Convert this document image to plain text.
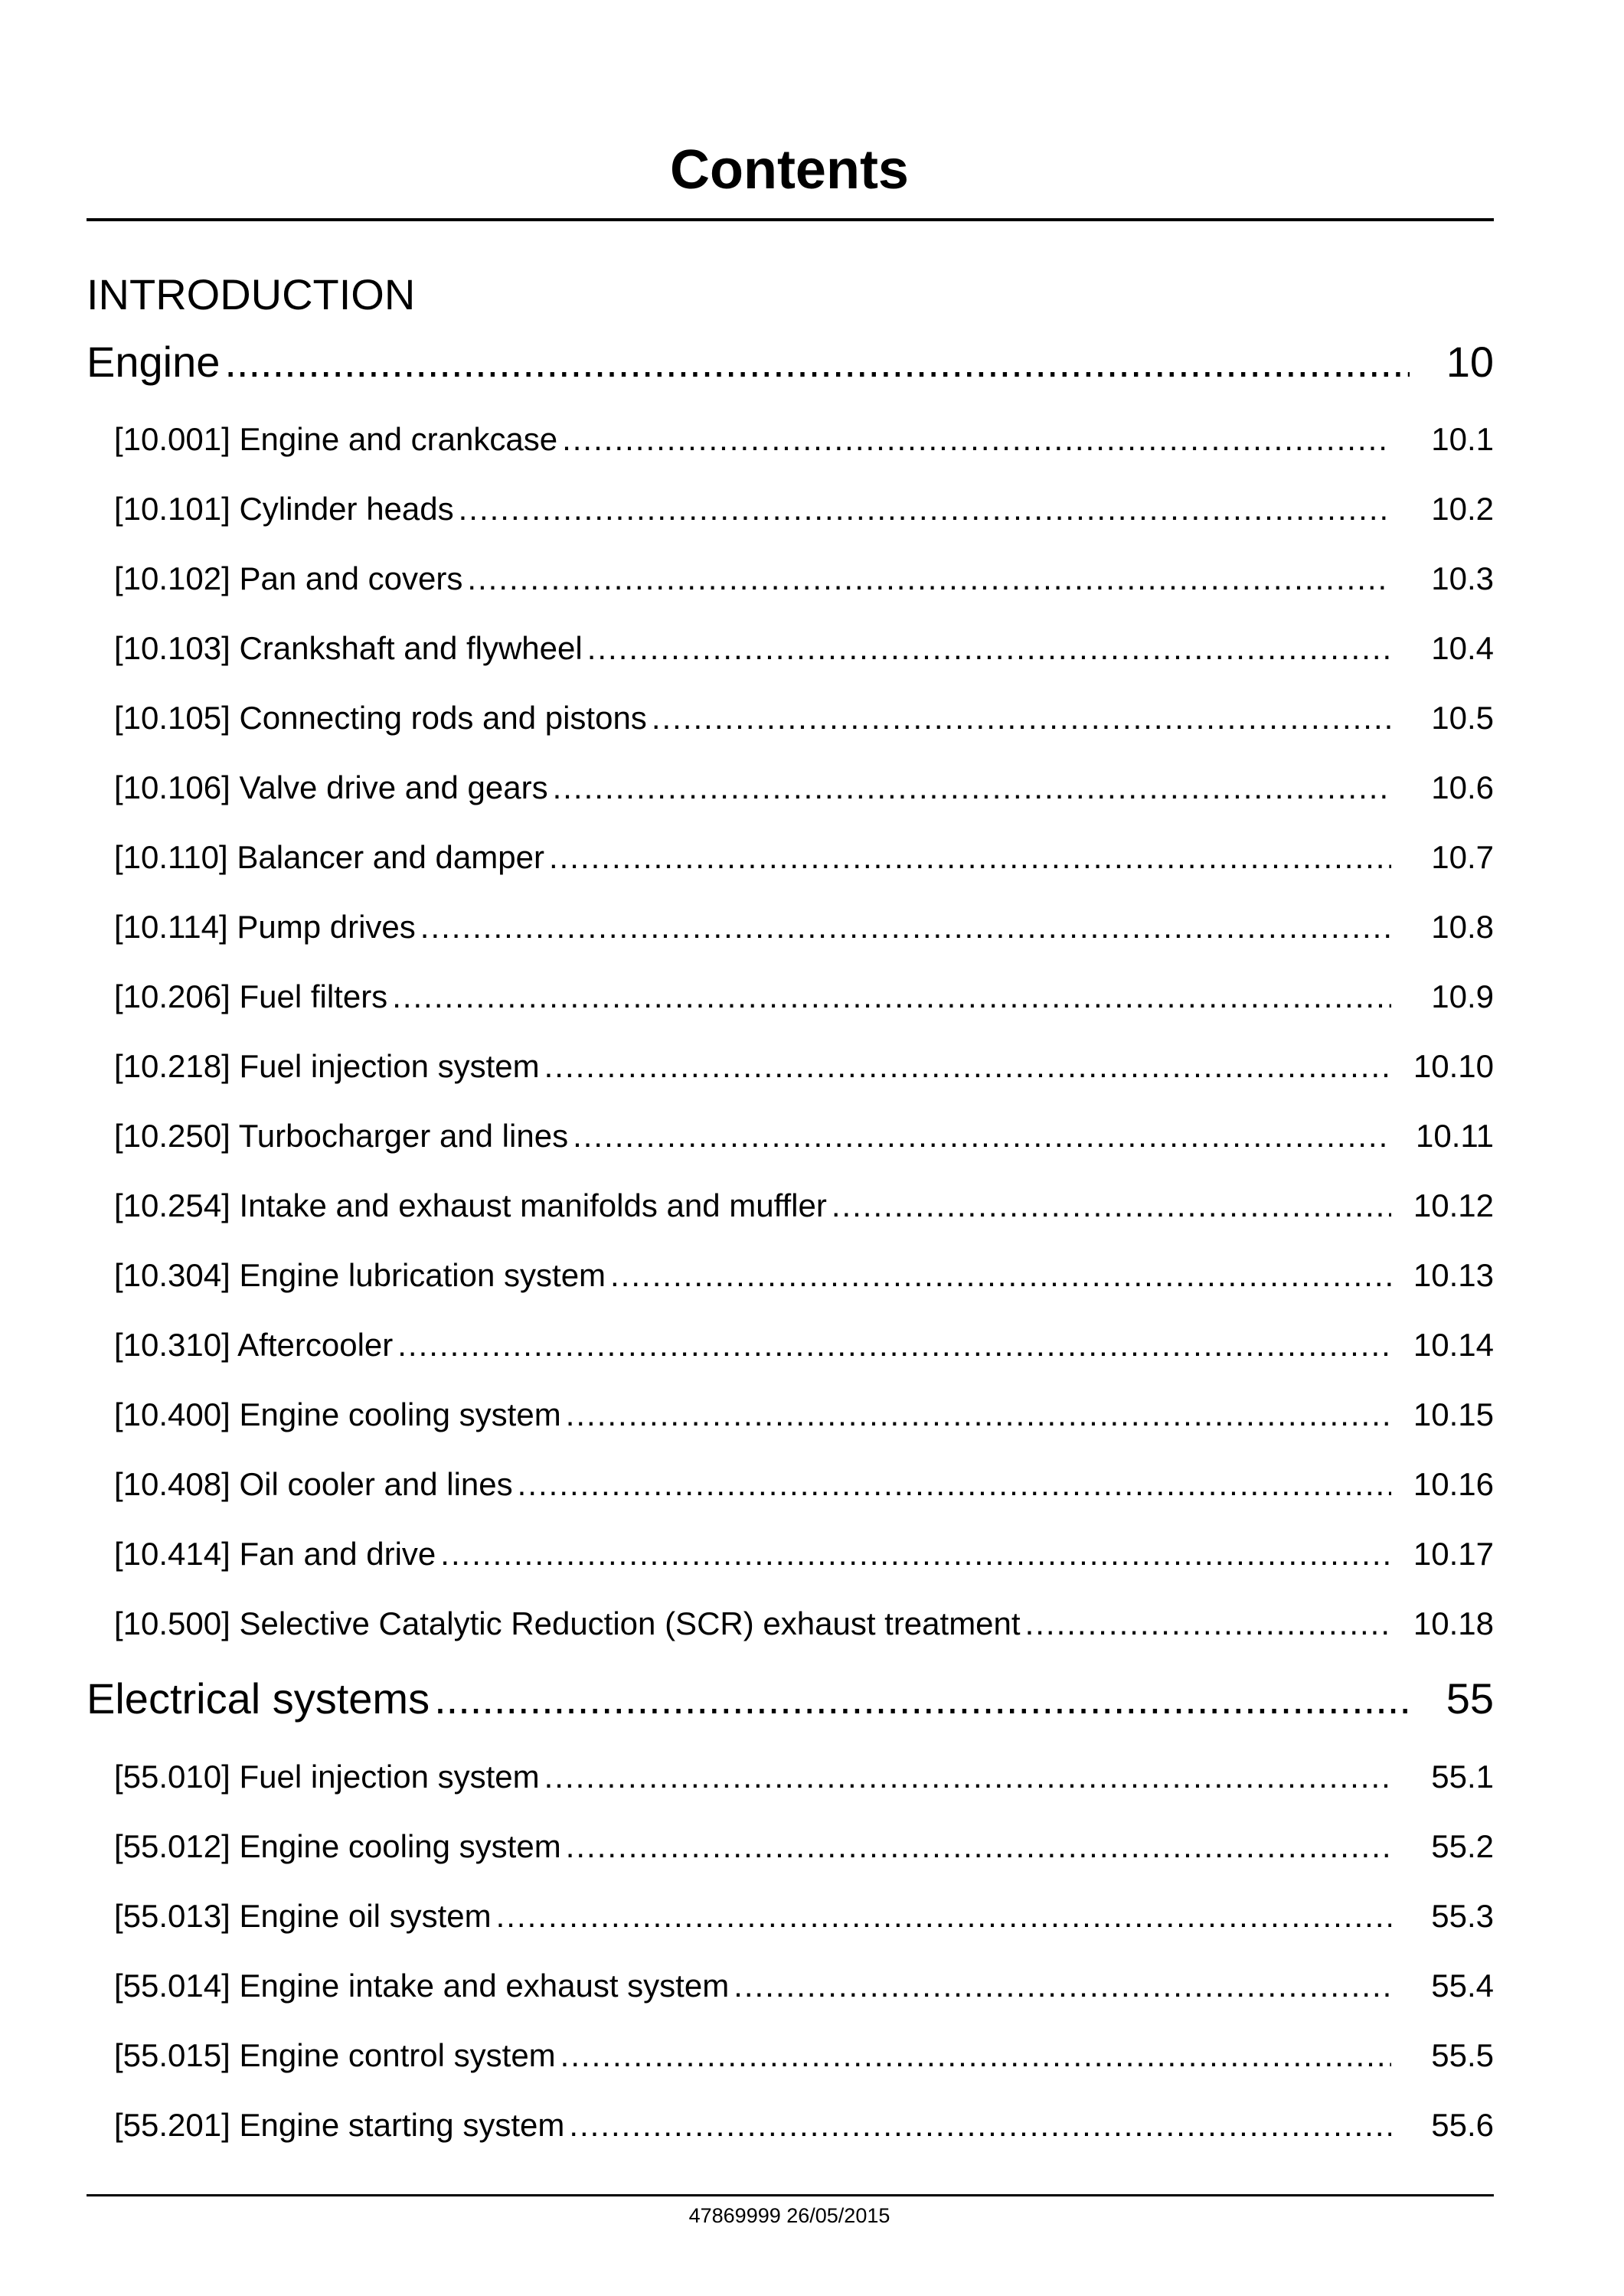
Contents
INTRODUCTION
Engine .....	10
[10.001] Engine and crankcase .....	10.1
[10.101] Cylinder heads .....	10.2
[10.102] Pan and covers .....	10.3
[10.103] Crankshaft and flywheel .....	10.4
[10.105] Connecting rods and pistons .....	10.5
[10.106] Valve drive and gears .....	10.6
[10.110] Balancer and damper .....	10.7
[10.114] Pump drives .....	10.8
[10.206] Fuel filters .....	10.9
[10.218] Fuel injection system .....	10.10
[10.250] Turbocharger and lines .....	10.11
[10.254] Intake and exhaust manifolds and muffler .....	10.12
[10.304] Engine lubrication system .....	10.13
[10.310] Aftercooler .....	10.14
[10.400] Engine cooling system .....	10.15
[10.408] Oil cooler and lines .....	10.16
[10.414] Fan and drive .....	10.17
[10.500] Selective Catalytic Reduction (SCR) exhaust treatment .....	10.18
Electrical systems .....	55
[55.010] Fuel injection system .....	55.1
[55.012] Engine cooling system .....	55.2
[55.013] Engine oil system .....	55.3
[55.014] Engine intake and exhaust system .....	55.4
[55.015] Engine control system .....	55.5
[55.201] Engine starting system .....	55.6
47869999 26/05/2015
